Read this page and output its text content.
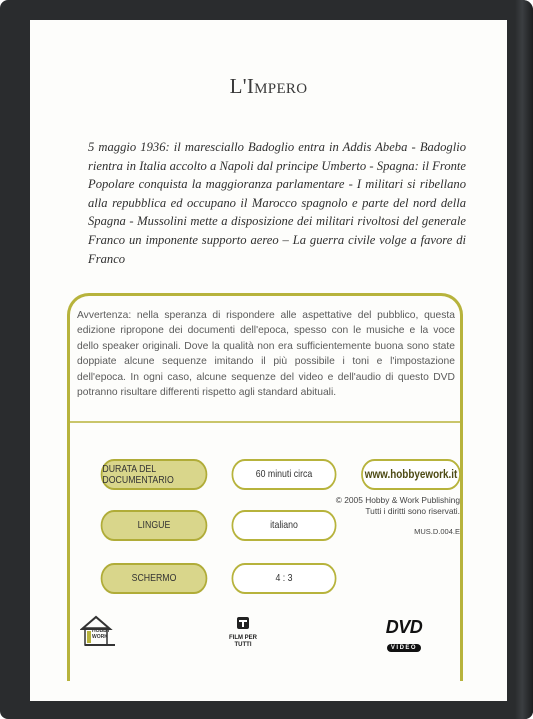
L'Impero
5 maggio 1936: il maresciallo Badoglio entra in Addis Abeba - Badoglio rientra in Italia accolto a Napoli dal principe Umberto - Spagna: il Fronte Popolare conquista la maggioranza parlamentare - I militari si ribellano alla repubblica ed occupano il Marocco spagnolo e parte del nord della Spagna - Mussolini mette a disposizione dei militari rivoltosi del generale Franco un imponente supporto aereo – La guerra civile volge a favore di Franco
Avvertenza: nella speranza di rispondere alle aspettative del pubblico, questa edizione ripropone dei documenti dell'epoca, spesso con le musiche e la voce dello speaker originali. Dove la qualità non era sufficientemente buona sono state doppiate alcune sequenze imitando il più possibile i toni e l'impostazione dell'epoca. In ogni caso, alcune sequenze del video e dell'audio di questo DVD potranno risultare differenti rispetto agli standard abituali.
DURATA DEL DOCUMENTARIO	60 minuti circa	www.hobbyework.it
LINGUE	italiano
SCHERMO	4 : 3
© 2005 Hobby & Work Publishing
Tutti i diritti sono riservati.
MUS.D.004.E
HOBBY
WORK	FILM PER
TUTTI
DVD
VIDEO
